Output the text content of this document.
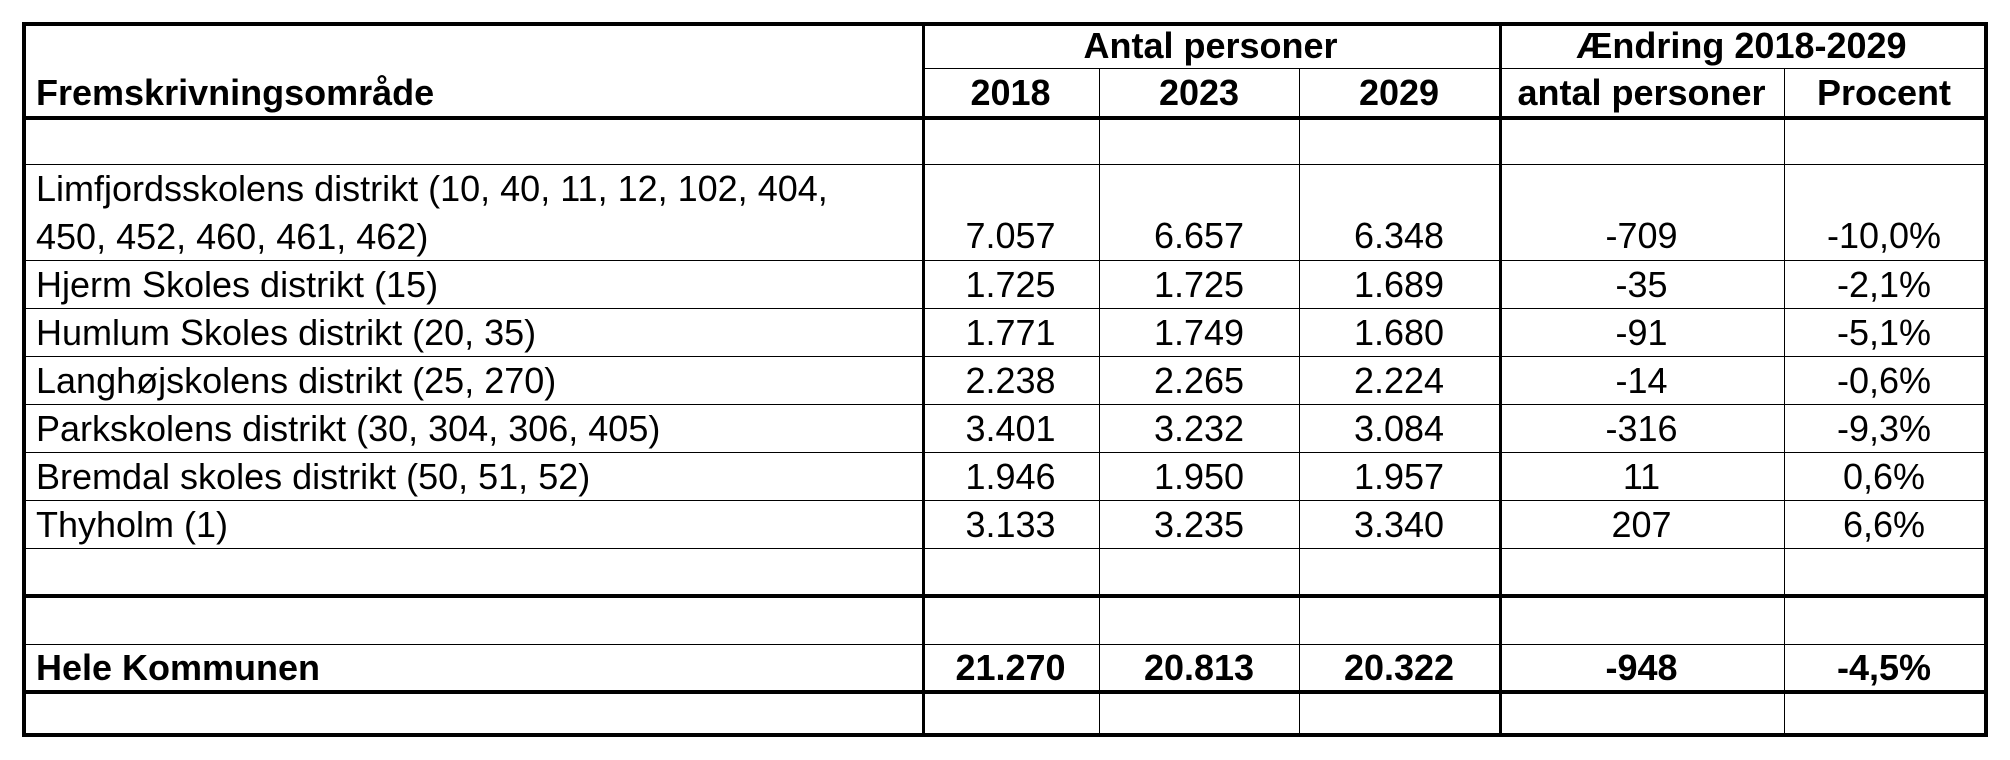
Antal personer	Ændring 2018-2029
Fremskrivningsområde	2018	2023	2029	antal personer	Procent
Limfjordsskolens distrikt (10, 40, 11, 12, 102, 404,
450, 452, 460, 461, 462)	7.057	6.657	6.348	-709	-10,0%
Hjerm Skoles distrikt (15)	1.725	1.725	1.689	-35	-2,1%
Humlum Skoles distrikt (20, 35)	1.771	1.749	1.680	-91	-5,1%
Langhøjskolens distrikt (25, 270)	2.238	2.265	2.224	-14	-0,6%
Parkskolens distrikt (30, 304, 306, 405)	3.401	3.232	3.084	-316	-9,3%
Bremdal skoles distrikt (50, 51, 52)	1.946	1.950	1.957	11	0,6%
Thyholm (1)	3.133	3.235	3.340	207	6,6%
Hele Kommunen	21.270	20.813	20.322	-948	-4,5%
